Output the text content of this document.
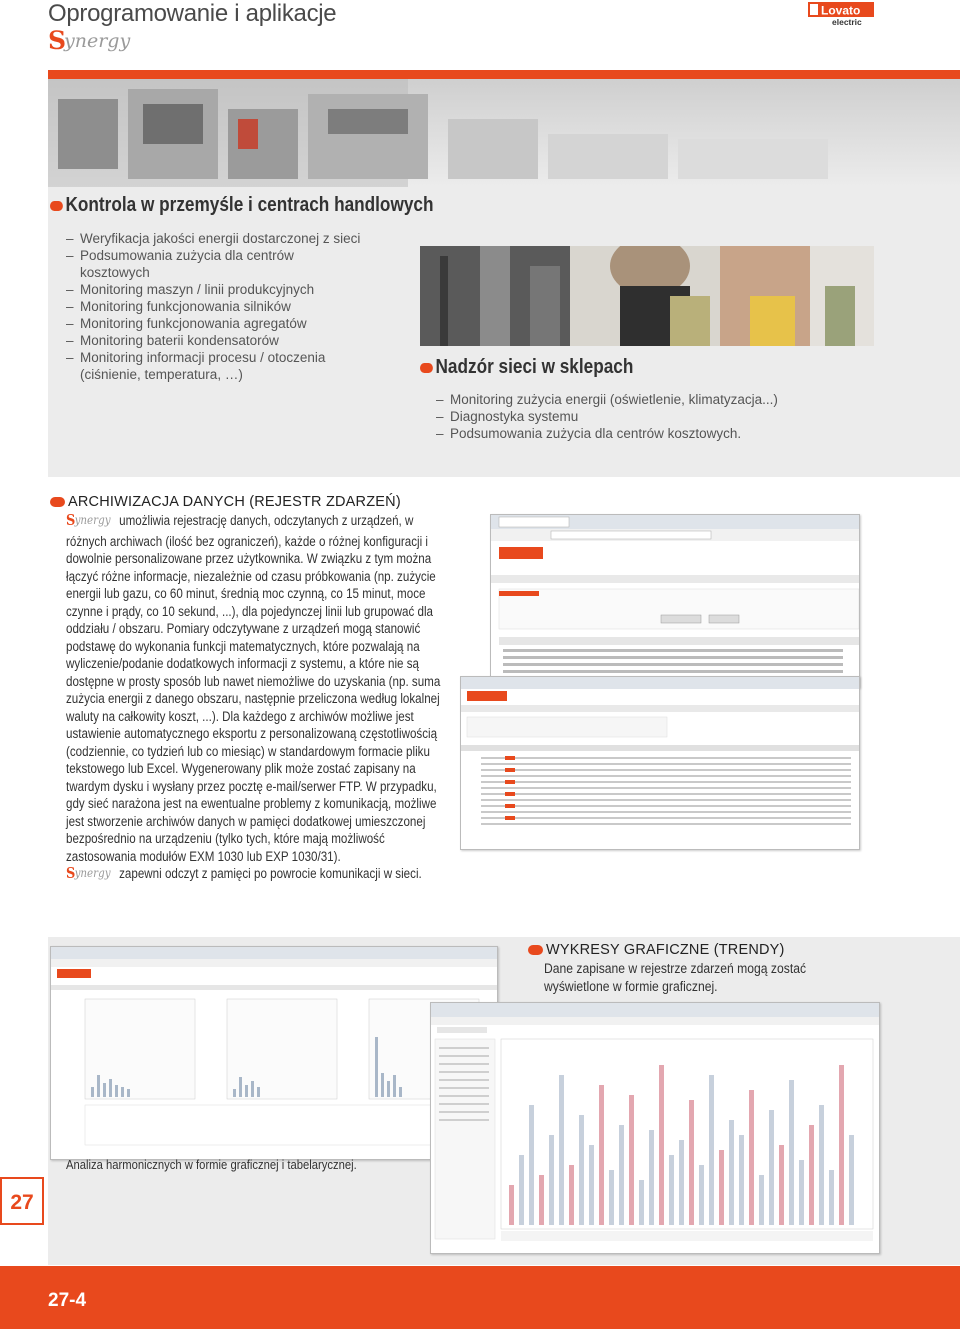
Oprogramowanie i aplikacje
S
ynergy
Lovato
electric
Kontrola w przemyśle i centrach handlowych
– Weryfikacja jakości energii dostarczonej z sieci
– Podsumowania zużycia dla centrów
kosztowych
– Monitoring maszyn / linii produkcyjnych
– Monitoring funkcjonowania silników
– Monitoring funkcjonowania agregatów
– Monitoring baterii kondensatorów
– Monitoring informacji procesu / otoczenia
(ciśnienie, temperatura, …)	Nadzór sieci w sklepach
– Monitoring zużycia energii (oświetlenie, klimatyzacja...)
– Diagnostyka systemu
– Podsumowania zużycia dla centrów kosztowych.
ARCHIWIZACJA DANYCH (REJESTR ZDARZEŃ)
S ynergy umożliwia rejestrację danych, odczytanych z urządzeń, w różnych archiwach (ilość bez ograniczeń), każde o różnej konfiguracji i dowolnie personalizowane przez użytkownika. W związku z tym można łączyć różne informacje, niezależnie od czasu próbkowania (np. zużycie energii lub gazu, co 60 minut, średnią moc czynną, co 15 minut, moce czynne i prądy, co 10 sekund, ...), dla pojedynczej linii lub grupować dla oddziału / obszaru. Pomiary odczytywane z urządzeń mogą stanowić podstawę do wykonania funkcji matematycznych, które pozwalają na wyliczenie/podanie dodatkowych informacji z systemu, a które nie są dostępne w prosty sposób lub nawet niemożliwe do uzyskania (np. suma zużycia energii z danego obszaru, następnie przeliczona według lokalnej waluty na całkowity koszt, ...). Dla każdego z archiwów możliwe jest ustawienie automatycznego eksportu z personalizowaną częstotliwością (codziennie, co tydzień lub co miesiąc) w standardowym formacie pliku tekstowego lub Excel. Wygenerowany plik może zostać zapisany na twardym dysku i wysłany przez pocztę e-mail/serwer FTP. W przypadku, gdy sieć narażona jest na ewentualne problemy z komunikacją, możliwe jest stworzenie archiwów danych w pamięci dodatkowej umieszczonej bezpośrednio na urządzeniu (tylko tych, które mają możliwość zastosowania modułów EXM 1030 lub EXP 1030/31).

S ynergy zapewni odczyt z pamięci po powrocie komunikacji w sieci.
Analiza harmonicznych w formie graficznej i tabelarycznej.
WYKRESY GRAFICZNE (TRENDY)
Dane zapisane w rejestrze zdarzeń mogą zostać wyświetlone w formie graficznej.
27
27-4
